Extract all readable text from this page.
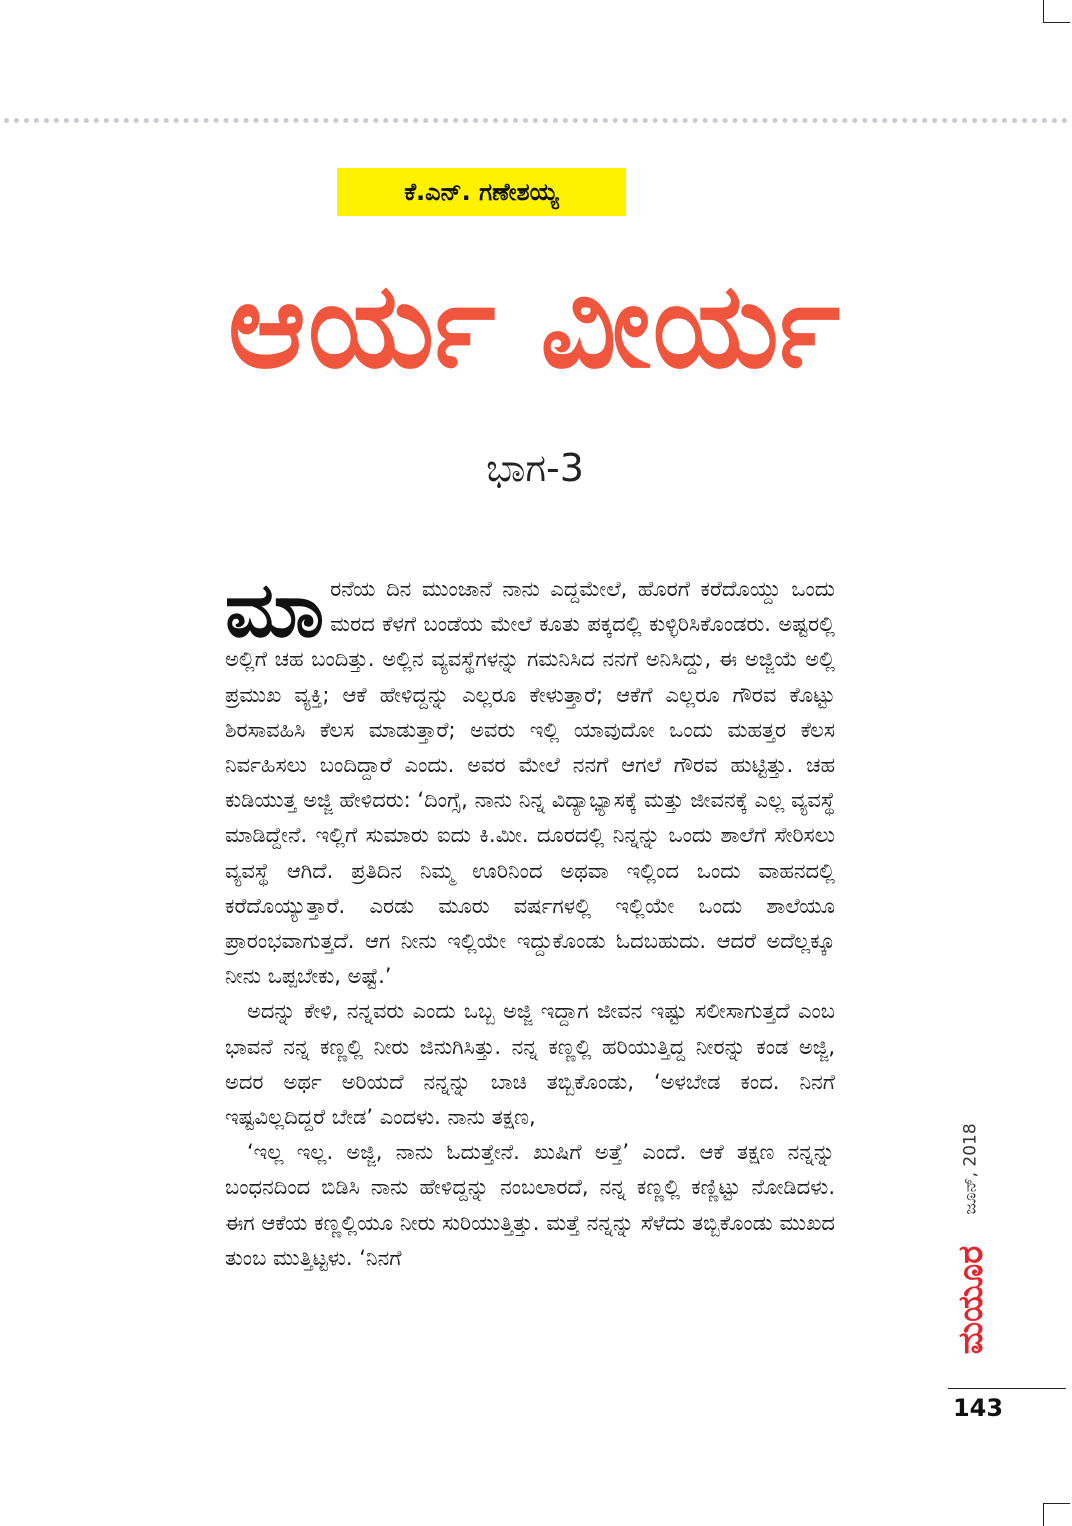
ಕೆ.ಎನ್. ಗಣೇಶಯ್ಯ
ಆರ್ಯ ವೀರ್ಯ
ಭಾಗ-3

ಮಾರನೆಯ ದಿನ ಮುಂಜಾನೆ ನಾನು ಎದ್ದಮೇಲೆ, ಹೊರಗೆ ಕರೆದೊಯ್ದು ಒಂದು ಮರದ ಕೆಳಗೆ ಬಂಡೆಯ ಮೇಲೆ ಕೂತು ಪಕ್ಕದಲ್ಲಿ ಕುಳ್ಳಿರಿಸಿಕೊಂಡರು. ಅಷ್ಟರಲ್ಲಿ ಅಲ್ಲಿಗೆ ಚಹ ಬಂದಿತ್ತು. ಅಲ್ಲಿನ ವ್ಯವಸ್ಥೆಗಳನ್ನು ಗಮನಿಸಿದ ನನಗೆ ಅನಿಸಿದ್ದು, ಈ ಅಜ್ಜಿಯೆ ಅಲ್ಲಿ ಪ್ರಮುಖ ವ್ಯಕ್ತಿ; ಆಕೆ ಹೇಳಿದ್ದನ್ನು ಎಲ್ಲರೂ ಕೇಳುತ್ತಾರೆ; ಆಕೆಗೆ ಎಲ್ಲರೂ ಗೌರವ ಕೊಟ್ಟು ಶಿರಸಾವಹಿಸಿ ಕೆಲಸ ಮಾಡುತ್ತಾರೆ; ಅವರು ಇಲ್ಲಿ ಯಾವುದೋ ಒಂದು ಮಹತ್ತರ ಕೆಲಸ ನಿರ್ವಹಿಸಲು ಬಂದಿದ್ದಾರೆ ಎಂದು. ಅವರ ಮೇಲೆ ನನಗೆ ಆಗಲೆ ಗೌರವ ಹುಟ್ಟಿತ್ತು. ಚಹ ಕುಡಿಯುತ್ತ ಅಜ್ಜಿ ಹೇಳಿದರು: ‘ದಿಂಗ್ಸೆ, ನಾನು ನಿನ್ನ ವಿದ್ಯಾಭ್ಯಾಸಕ್ಕೆ ಮತ್ತು ಜೀವನಕ್ಕೆ ಎಲ್ಲ ವ್ಯವಸ್ಥೆ ಮಾಡಿದ್ದೇನೆ. ಇಲ್ಲಿಗೆ ಸುಮಾರು ಐದು ಕಿ.ಮೀ. ದೂರದಲ್ಲಿ ನಿನ್ನನ್ನು ಒಂದು ಶಾಲೆಗೆ ಸೇರಿಸಲು ವ್ಯವಸ್ಥೆ ಆಗಿದೆ. ಪ್ರತಿದಿನ ನಿಮ್ಮ ಊರಿನಿಂದ ಅಥವಾ ಇಲ್ಲಿಂದ ಒಂದು ವಾಹನದಲ್ಲಿ ಕರೆದೊಯ್ಯುತ್ತಾರೆ. ಎರಡು ಮೂರು ವರ್ಷಗಳಲ್ಲಿ ಇಲ್ಲಿಯೇ ಒಂದು ಶಾಲೆಯೂ ಪ್ರಾರಂಭವಾಗುತ್ತದೆ. ಆಗ ನೀನು ಇಲ್ಲಿಯೇ ಇದ್ದುಕೊಂಡು ಓದಬಹುದು. ಆದರೆ ಅದೆಲ್ಲಕ್ಕೂ ನೀನು ಒಪ್ಪಬೇಕು, ಅಷ್ಟೆ.’

ಅದನ್ನು ಕೇಳಿ, ನನ್ನವರು ಎಂದು ಒಬ್ಬ ಅಜ್ಜಿ ಇದ್ದಾಗ ಜೀವನ ಇಷ್ಟು ಸಲೀಸಾಗುತ್ತದೆ ಎಂಬ ಭಾವನೆ ನನ್ನ ಕಣ್ಣಲ್ಲಿ ನೀರು ಜಿನುಗಿಸಿತ್ತು. ನನ್ನ ಕಣ್ಣಲ್ಲಿ ಹರಿಯುತ್ತಿದ್ದ ನೀರನ್ನು ಕಂಡ ಅಜ್ಜಿ, ಅದರ ಅರ್ಥ ಅರಿಯದೆ ನನ್ನನ್ನು ಬಾಚಿ ತಬ್ಬಿಕೊಂಡು, ‘ಅಳಬೇಡ ಕಂದ. ನಿನಗೆ ಇಷ್ಟವಿಲ್ಲದಿದ್ದರೆ ಬೇಡ’ ಎಂದಳು. ನಾನು ತಕ್ಷಣ,

‘ಇಲ್ಲ ಇಲ್ಲ. ಅಜ್ಜಿ, ನಾನು ಓದುತ್ತೇನೆ. ಖುಷಿಗೆ ಅತ್ತೆ’ ಎಂದೆ. ಆಕೆ ತಕ್ಷಣ ನನ್ನನ್ನು ಬಂಧನದಿಂದ ಬಿಡಿಸಿ ನಾನು ಹೇಳಿದ್ದನ್ನು ನಂಬಲಾರದೆ, ನನ್ನ ಕಣ್ಣಲ್ಲಿ ಕಣ್ಣಿಟ್ಟು ನೋಡಿದಳು. ಈಗ ಆಕೆಯ ಕಣ್ಣಲ್ಲಿಯೂ ನೀರು ಸುರಿಯುತ್ತಿತ್ತು. ಮತ್ತೆ ನನ್ನನ್ನು ಸೆಳೆದು ತಬ್ಬಿಕೊಂಡು ಮುಖದ ತುಂಬ ಮುತ್ತಿಟ್ಟಳು. ‘ನಿನಗೆ

ಜೂನ್, 2018
ಮಯೂರ
143
